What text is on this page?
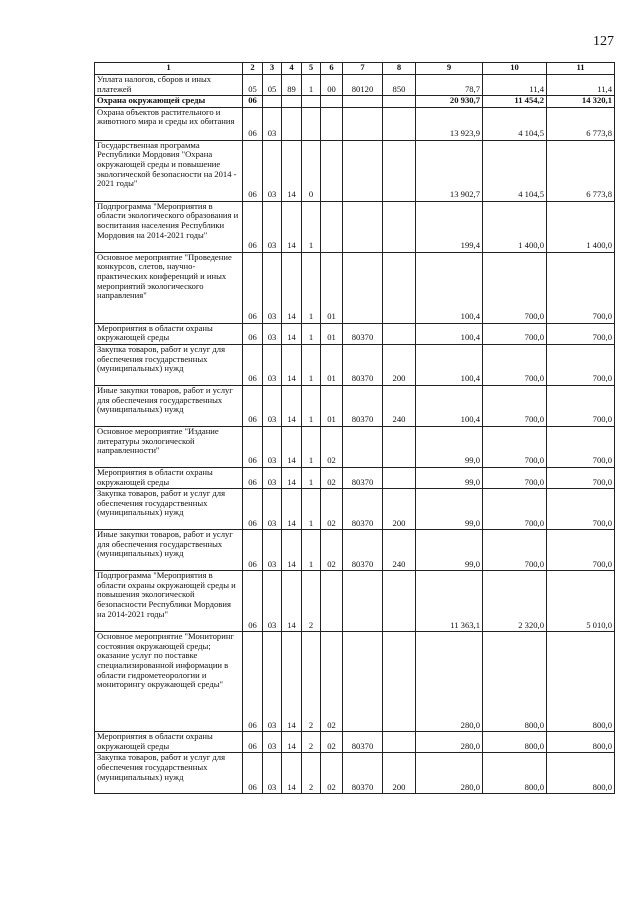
127
1	2	3	4	5	6	7	8	9	10	11
Уплата налогов, сборов и иных платежей	05	05	89	1	00	80120	850	78,7	11,4	11,4
Охрана окружающей среды	06							20 930,7	11 454,2	14 320,1
Охрана объектов растительного и животного мира и среды их обитания	06	03						13 923,9	4 104,5	6 773,8
Государственная программа Республики Мордовия "Охрана окружающей среды и повышение экологической безопасности на 2014 - 2021 годы"	06	03	14	0				13 902,7	4 104,5	6 773,8
Подпрограмма "Мероприятия в области экологического образования и воспитания населения Республики Мордовия на 2014-2021 годы"	06	03	14	1				199,4	1 400,0	1 400,0
Основное мероприятие "Проведение конкурсов, слетов, научно-практических конференций и иных мероприятий экологического направления"	06	03	14	1	01			100,4	700,0	700,0
Мероприятия в области охраны окружающей среды	06	03	14	1	01	80370		100,4	700,0	700,0
Закупка товаров, работ и услуг для обеспечения государственных (муниципальных) нужд	06	03	14	1	01	80370	200	100,4	700,0	700,0
Иные закупки товаров, работ и услуг для обеспечения государственных (муниципальных) нужд	06	03	14	1	01	80370	240	100,4	700,0	700,0
Основное мероприятие "Издание литературы экологической направленности"	06	03	14	1	02			99,0	700,0	700,0
Мероприятия в области охраны окружающей среды	06	03	14	1	02	80370		99,0	700,0	700,0
Закупка товаров, работ и услуг для обеспечения государственных (муниципальных) нужд	06	03	14	1	02	80370	200	99,0	700,0	700,0
Иные закупки товаров, работ и услуг для обеспечения государственных (муниципальных) нужд	06	03	14	1	02	80370	240	99,0	700,0	700,0
Подпрограмма "Мероприятия в области охраны окружающей среды и повышения экологической безопасности Республики Мордовия на 2014-2021 годы"	06	03	14	2				11 363,1	2 320,0	5 010,0
Основное мероприятие "Мониторинг состояния окружающей среды; оказание услуг по поставке специализированной информации в области гидрометеорологии и мониторингу окружающей среды"	06	03	14	2	02			280,0	800,0	800,0
Мероприятия в области охраны окружающей среды	06	03	14	2	02	80370		280,0	800,0	800,0
Закупка товаров, работ и услуг для обеспечения государственных (муниципальных) нужд	06	03	14	2	02	80370	200	280,0	800,0	800,0
